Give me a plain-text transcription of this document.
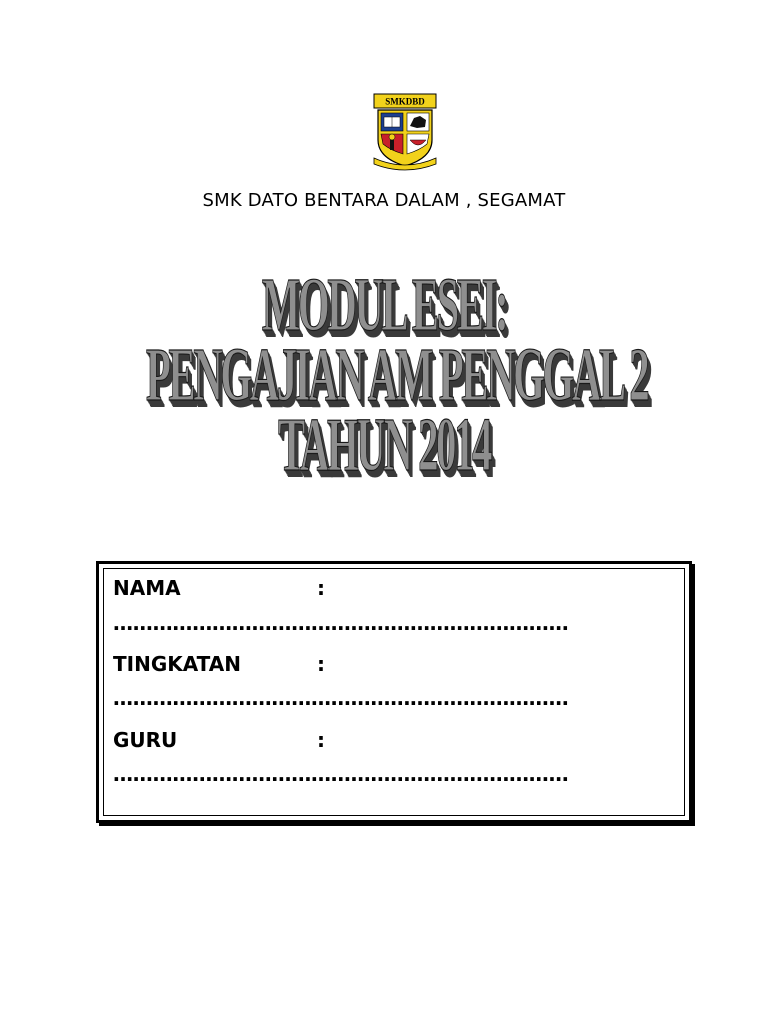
SMKDBD
SMK DATO BENTARA DALAM , SEGAMAT
MODUL ESEI:
PENGAJIAN AM PENGGAL 2
TAHUN 2014
NAMA	:
……………………………………………………………
TINGKATAN	:
……………………………………………………………
GURU	:
……………………………………………………………
